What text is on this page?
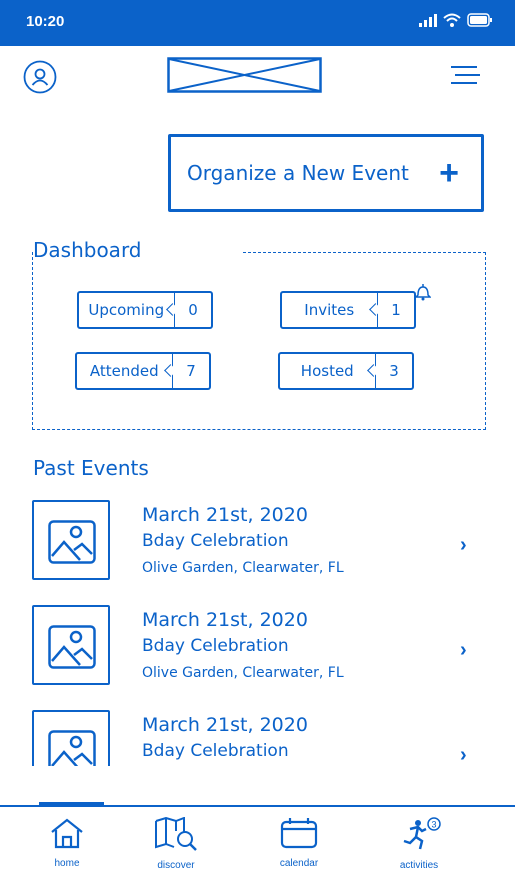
10:20
Organize a New Event +
Dashboard
Upcoming	0	Invites	1
Attended	7	Hosted	3
Past Events
March 21st, 2020
Bday Celebration
Olive Garden, Clearwater, FL
›
March 21st, 2020
Bday Celebration
Olive Garden, Clearwater, FL
›
March 21st, 2020
Bday Celebration	›
home	discover	calendar
3
activities
